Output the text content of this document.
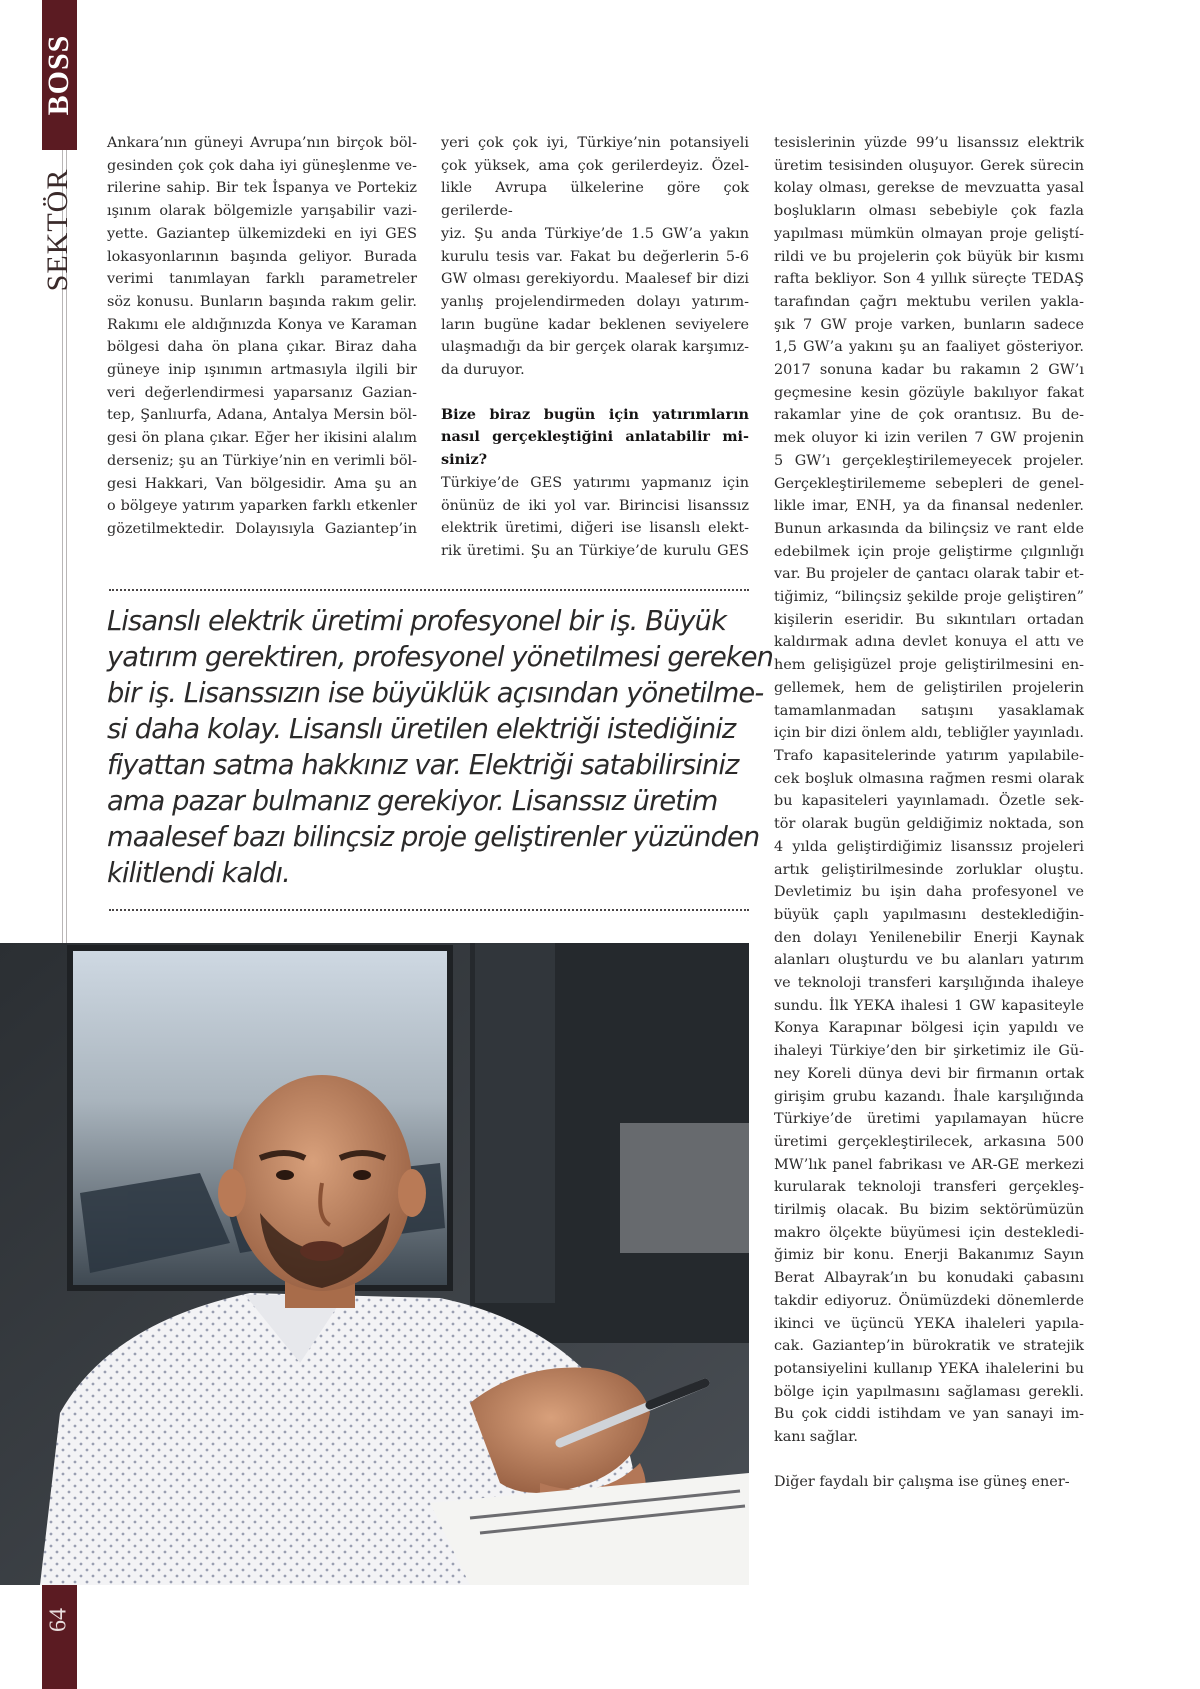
BOSS
SEKTÖR
64

Ankara’nın güneyi Avrupa’nın birçok böl-

gesinden çok çok daha iyi güneşlenme ve-

rilerine sahip. Bir tek İspanya ve Portekiz

ışınım olarak bölgemizle yarışabilir vazi-

yette. Gaziantep ülkemizdeki en iyi GES

lokasyonlarının başında geliyor. Burada

verimi tanımlayan farklı parametreler

söz konusu. Bunların başında rakım gelir.

Rakımı ele aldığınızda Konya ve Karaman

bölgesi daha ön plana çıkar. Biraz daha

güneye inip ışınımın artmasıyla ilgili bir

veri değerlendirmesi yaparsanız Gazian-

tep, Şanlıurfa, Adana, Antalya Mersin böl-

gesi ön plana çıkar. Eğer her ikisini alalım

derseniz; şu an Türkiye’nin en verimli böl-

gesi Hakkari, Van bölgesidir. Ama şu an

o bölgeye yatırım yaparken farklı etkenler

gözetilmektedir. Dolayısıyla Gaziantep’in

yeri çok çok iyi, Türkiye’nin potansiyeli

çok yüksek, ama çok gerilerdeyiz. Özel-

likle Avrupa ülkelerine göre çok gerilerde-

yiz. Şu anda Türkiye’de 1.5 GW’a yakın

kurulu tesis var. Fakat bu değerlerin 5-6

GW olması gerekiyordu. Maalesef bir dizi

yanlış projelendirmeden dolayı yatırım-

ların bugüne kadar beklenen seviyelere

ulaşmadığı da bir gerçek olarak karşımız-

da duruyor.

Bize biraz bugün için yatırımların

nasıl gerçekleştiğini anlatabilir mi-

siniz?

Türkiye’de GES yatırımı yapmanız için

önünüz de iki yol var. Birincisi lisanssız

elektrik üretimi, diğeri ise lisanslı elekt-

rik üretimi. Şu an Türkiye’de kurulu GES

tesislerinin yüzde 99’u lisanssız elektrik

üretim tesisinden oluşuyor. Gerek sürecin

kolay olması, gerekse de mevzuatta yasal

boşlukların olması sebebiyle çok fazla

yapılması mümkün olmayan proje geliştí-

rildi ve bu projelerin çok büyük bir kısmı

rafta bekliyor. Son 4 yıllık süreçte TEDAŞ

tarafından çağrı mektubu verilen yakla-

şık 7 GW proje varken, bunların sadece

1,5 GW’a yakını şu an faaliyet gösteriyor.

2017 sonuna kadar bu rakamın 2 GW’ı

geçmesine kesin gözüyle bakılıyor fakat

rakamlar yine de çok orantısız. Bu de-

mek oluyor ki izin verilen 7 GW projenin

5 GW’ı gerçekleştirilemeyecek projeler.

Gerçekleştirilememe sebepleri de genel-

likle imar, ENH, ya da finansal nedenler.

Bunun arkasında da bilinçsiz ve rant elde

edebilmek için proje geliştirme çılgınlığı

var. Bu projeler de çantacı olarak tabir et-

tiğimiz, “bilinçsiz şekilde proje geliştiren”

kişilerin eseridir. Bu sıkıntıları ortadan

kaldırmak adına devlet konuya el attı ve

hem gelişigüzel proje geliştirilmesini en-

gellemek, hem de geliştirilen projelerin

tamamlanmadan satışını yasaklamak

için bir dizi önlem aldı, tebliğler yayınladı.

Trafo kapasitelerinde yatırım yapılabile-

cek boşluk olmasına rağmen resmi olarak

bu kapasiteleri yayınlamadı. Özetle sek-

tör olarak bugün geldiğimiz noktada, son

4 yılda geliştirdiğimiz lisanssız projeleri

artık geliştirilmesinde zorluklar oluştu.

Devletimiz bu işin daha profesyonel ve

büyük çaplı yapılmasını desteklediğin-

den dolayı Yenilenebilir Enerji Kaynak

alanları oluşturdu ve bu alanları yatırım

ve teknoloji transferi karşılığında ihaleye

sundu. İlk YEKA ihalesi 1 GW kapasiteyle

Konya Karapınar bölgesi için yapıldı ve

ihaleyi Türkiye’den bir şirketimiz ile Gü-

ney Koreli dünya devi bir firmanın ortak

girişim grubu kazandı. İhale karşılığında

Türkiye’de üretimi yapılamayan hücre

üretimi gerçekleştirilecek, arkasına 500

MW’lık panel fabrikası ve AR-GE merkezi

kurularak teknoloji transferi gerçekleş-

tirilmiş olacak. Bu bizim sektörümüzün

makro ölçekte büyümesi için destekledi-

ğimiz bir konu. Enerji Bakanımız Sayın

Berat Albayrak’ın bu konudaki çabasını

takdir ediyoruz. Önümüzdeki dönemlerde

ikinci ve üçüncü YEKA ihaleleri yapıla-

cak. Gaziantep’in bürokratik ve stratejik

potansiyelini kullanıp YEKA ihalelerini bu

bölge için yapılmasını sağlaması gerekli.

Bu çok ciddi istihdam ve yan sanayi im-

kanı sağlar.

Diğer faydalı bir çalışma ise güneş ener-

Lisanslı elektrik üretimi profesyonel bir iş. Büyük
yatırım gerektiren, profesyonel yönetilmesi gereken
bir iş. Lisanssızın ise büyüklük açısından yönetilme-
si daha kolay. Lisanslı üretilen elektriği istediğiniz
fiyattan satma hakkınız var. Elektriği satabilirsiniz
ama pazar bulmanız gerekiyor. Lisanssız üretim
maalesef bazı bilinçsiz proje geliştirenler yüzünden
kilitlendi kaldı.
